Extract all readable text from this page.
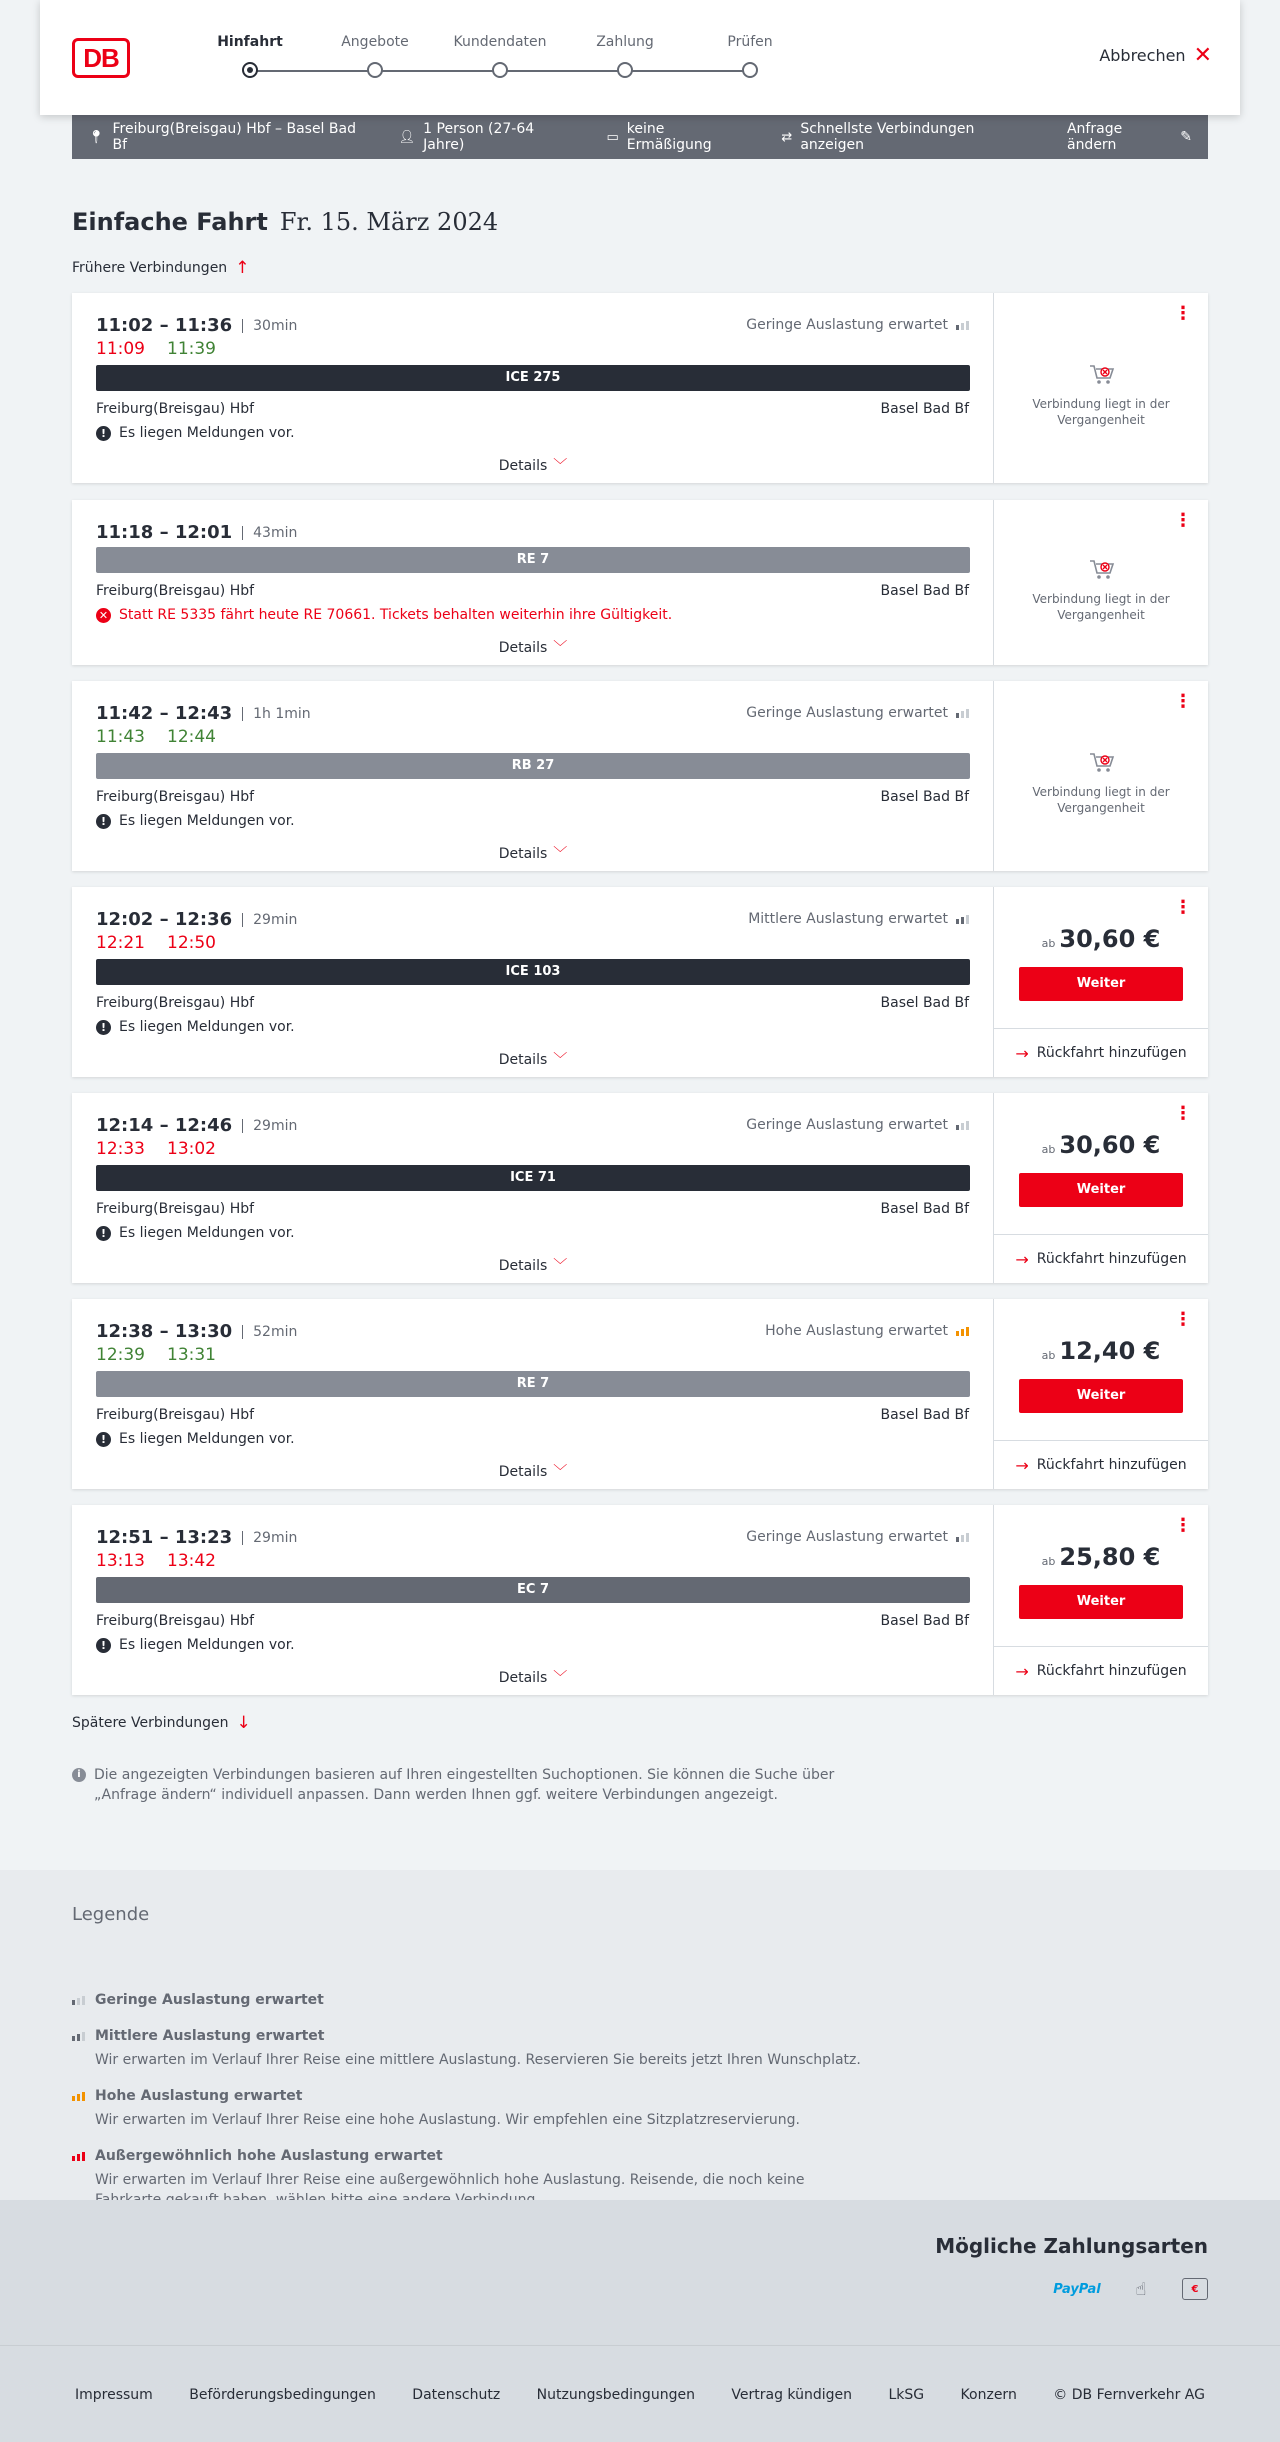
DB
Hinfahrt	Angebote	Kundendaten	Zahlung	Prüfen
Abbrechen ✕
📍︎ Freiburg(Breisgau) Hbf – Basel Bad Bf	👤︎ 1 Person (27-64 Jahre)	▭ keine Ermäßigung	⇄ Schnellste Verbindungen anzeigen
Anfrage ändern	✎
Einfache Fahrt Fr. 15. März 2024
Frühere Verbindungen ↑
11:02 – 11:36	30min
11:09 11:39
Geringe Auslastung erwartet
ICE 275
Freiburg(Breisgau) Hbf	Basel Bad Bf
! Es liegen Meldungen vor.
Details ﹀
⋮
Verbindung liegt in der Vergangenheit
11:18 – 12:01	43min
RE 7
Freiburg(Breisgau) Hbf	Basel Bad Bf
✕ Statt RE 5335 fährt heute RE 70661. Tickets behalten weiterhin ihre Gültigkeit.
Details ﹀
⋮
Verbindung liegt in der Vergangenheit
11:42 – 12:43	1h 1min
11:43 12:44
Geringe Auslastung erwartet
RB 27
Freiburg(Breisgau) Hbf	Basel Bad Bf
! Es liegen Meldungen vor.
Details ﹀
⋮
Verbindung liegt in der Vergangenheit
12:02 – 12:36	29min
12:21 12:50
Mittlere Auslastung erwartet
ICE 103
Freiburg(Breisgau) Hbf	Basel Bad Bf
! Es liegen Meldungen vor.
Details ﹀
⋮
ab 30,60 €
Weiter
→ Rückfahrt hinzufügen
12:14 – 12:46	29min
12:33 13:02
Geringe Auslastung erwartet
ICE 71
Freiburg(Breisgau) Hbf	Basel Bad Bf
! Es liegen Meldungen vor.
Details ﹀
⋮
ab 30,60 €
Weiter
→ Rückfahrt hinzufügen
12:38 – 13:30	52min
12:39 13:31
Hohe Auslastung erwartet
RE 7
Freiburg(Breisgau) Hbf	Basel Bad Bf
! Es liegen Meldungen vor.
Details ﹀
⋮
ab 12,40 €
Weiter
→ Rückfahrt hinzufügen
12:51 – 13:23	29min
13:13 13:42
Geringe Auslastung erwartet
EC 7
Freiburg(Breisgau) Hbf	Basel Bad Bf
! Es liegen Meldungen vor.
Details ﹀
⋮
ab 25,80 €
Weiter
→ Rückfahrt hinzufügen
Spätere Verbindungen ↓
i Die angezeigten Verbindungen basieren auf Ihren eingestellten Suchoptionen. Sie können die Suche über „Anfrage ändern“ individuell anpassen. Dann werden Ihnen ggf. weitere Verbindungen angezeigt.
Legende
Geringe Auslastung erwartet
Mittlere Auslastung erwartet
Wir erwarten im Verlauf Ihrer Reise eine mittlere Auslastung. Reservieren Sie bereits jetzt Ihren Wunschplatz.
Hohe Auslastung erwartet
Wir erwarten im Verlauf Ihrer Reise eine hohe Auslastung. Wir empfehlen eine Sitzplatzreservierung.
Außergewöhnlich hohe Auslastung erwartet
Wir erwarten im Verlauf Ihrer Reise eine außergewöhnlich hohe Auslastung. Reisende, die noch keine
Mögliche Zahlungsarten
PayPal	☝︎	€
Impressum	Beförderungsbedingungen	Datenschutz	Nutzungsbedingungen	Vertrag kündigen	LkSG	Konzern	© DB Fernverkehr AG
